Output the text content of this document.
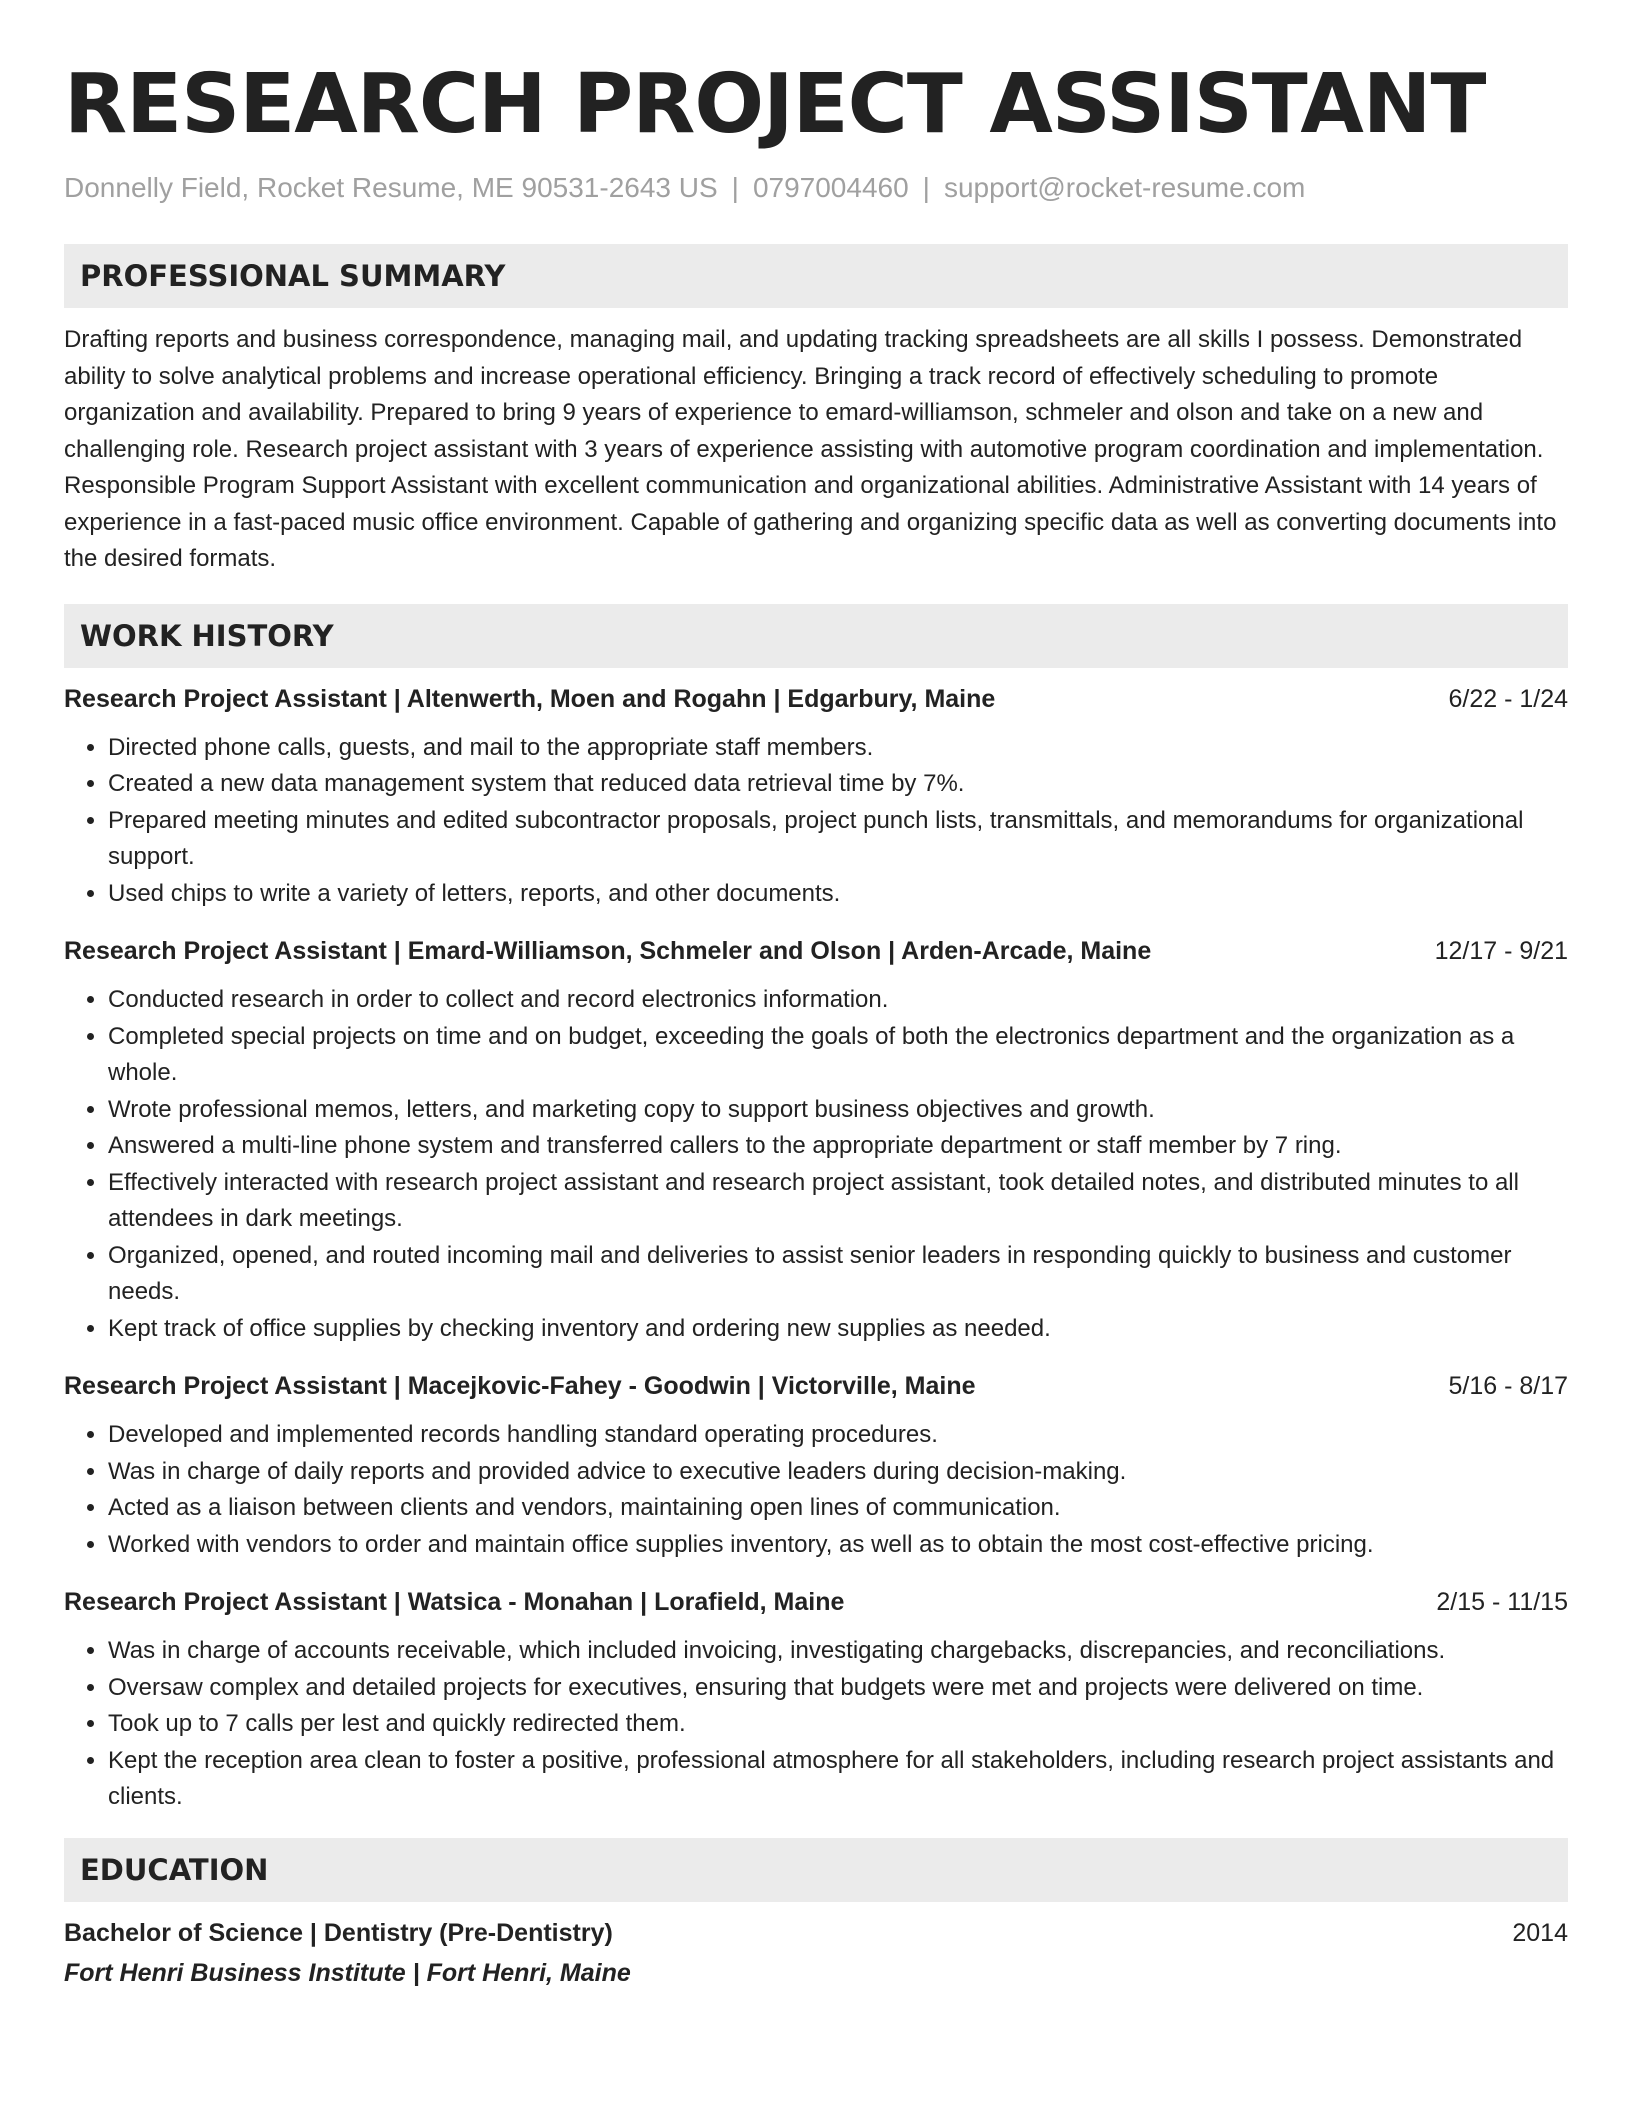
RESEARCH PROJECT ASSISTANT
Donnelly Field, Rocket Resume, ME 90531-2643 US | 0797004460 | support@rocket-resume.com
PROFESSIONAL SUMMARY

Drafting reports and business correspondence, managing mail, and updating tracking spreadsheets are all skills I possess. Demonstrated ability to solve analytical problems and increase operational efficiency. Bringing a track record of effectively scheduling to promote organization and availability. Prepared to bring 9 years of experience to emard-williamson, schmeler and olson and take on a new and challenging role. Research project assistant with 3 years of experience assisting with automotive program coordination and implementation. Responsible Program Support Assistant with excellent communication and organizational abilities. Administrative Assistant with 14 years of experience in a fast-paced music office environment. Capable of gathering and organizing specific data as well as converting documents into the desired formats.

WORK HISTORY
Research Project Assistant | Altenwerth, Moen and Rogahn | Edgarbury, Maine	6/22 - 1/24
• Directed phone calls, guests, and mail to the appropriate staff members.
• Created a new data management system that reduced data retrieval time by 7%.
• Prepared meeting minutes and edited subcontractor proposals, project punch lists, transmittals, and memorandums for organizational support.
• Used chips to write a variety of letters, reports, and other documents.
Research Project Assistant | Emard-Williamson, Schmeler and Olson | Arden-Arcade, Maine	12/17 - 9/21
• Conducted research in order to collect and record electronics information.
• Completed special projects on time and on budget, exceeding the goals of both the electronics department and the organization as a whole.
• Wrote professional memos, letters, and marketing copy to support business objectives and growth.
• Answered a multi-line phone system and transferred callers to the appropriate department or staff member by 7 ring.
• Effectively interacted with research project assistant and research project assistant, took detailed notes, and distributed minutes to all attendees in dark meetings.
• Organized, opened, and routed incoming mail and deliveries to assist senior leaders in responding quickly to business and customer needs.
• Kept track of office supplies by checking inventory and ordering new supplies as needed.
Research Project Assistant | Macejkovic-Fahey - Goodwin | Victorville, Maine	5/16 - 8/17
• Developed and implemented records handling standard operating procedures.
• Was in charge of daily reports and provided advice to executive leaders during decision-making.
• Acted as a liaison between clients and vendors, maintaining open lines of communication.
• Worked with vendors to order and maintain office supplies inventory, as well as to obtain the most cost-effective pricing.
Research Project Assistant | Watsica - Monahan | Lorafield, Maine	2/15 - 11/15
• Was in charge of accounts receivable, which included invoicing, investigating chargebacks, discrepancies, and reconciliations.
• Oversaw complex and detailed projects for executives, ensuring that budgets were met and projects were delivered on time.
• Took up to 7 calls per lest and quickly redirected them.
• Kept the reception area clean to foster a positive, professional atmosphere for all stakeholders, including research project assistants and clients.
EDUCATION
Bachelor of Science | Dentistry (Pre-Dentistry)	2014
Fort Henri Business Institute | Fort Henri, Maine
